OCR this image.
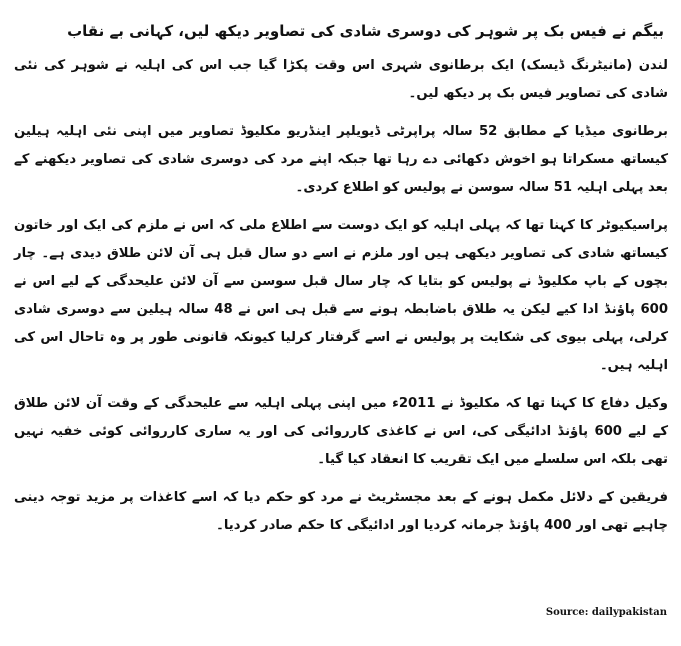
بیگم نے فیس بک پر شوہر کی دوسری شادی کی تصاویر دیکھ لیں، کہانی بے نقاب

لندن (مانیٹرنگ ڈیسک) ایک برطانوی شہری اس وقت پکڑا گیا جب اس کی اہلیہ نے شوہر کی نئی شادی کی تصاویر فیس بک پر دیکھ لیں۔

برطانوی میڈیا کے مطابق 52 سالہ پراپرٹی ڈیویلپر اینڈریو مکلیوڈ تصاویر میں اپنی نئی اہلیہ ہیلین کیساتھ مسکراتا ہو اخوش دکھائی دے رہا تھا جبکہ اپنے مرد کی دوسری شادی کی تصاویر دیکھنے کے بعد پہلی اہلیہ 51 سالہ سوسن نے پولیس کو اطلاع کردی۔

پراسیکیوٹر کا کہنا تھا کہ پہلی اہلیہ کو ایک دوست سے اطلاع ملی کہ اس نے ملزم کی ایک اور خاتون کیساتھ شادی کی تصاویر دیکھی ہیں اور ملزم نے اسے دو سال قبل ہی آن لائن طلاق دیدی ہے۔ چار بچوں کے باپ مکلیوڈ نے پولیس کو بتایا کہ چار سال قبل سوسن سے آن لائن علیحدگی کے لیے اس نے 600 پاؤنڈ ادا کیے لیکن یہ طلاق باضابطہ ہونے سے قبل ہی اس نے 48 سالہ ہیلین سے دوسری شادی کرلی، پہلی بیوی کی شکایت پر پولیس نے اسے گرفتار کرلیا کیونکہ قانونی طور پر وہ تاحال اس کی اہلیہ ہیں۔

وکیل دفاع کا کہنا تھا کہ مکلیوڈ نے 2011ء میں اپنی پہلی اہلیہ سے علیحدگی کے وقت آن لائن طلاق کے لیے 600 پاؤنڈ ادائیگی کی، اس نے کاغذی کارروائی کی اور یہ ساری کارروائی کوئی خفیہ نہیں تھی بلکہ اس سلسلے میں ایک تقریب کا انعقاد کیا گیا۔

فریقین کے دلائل مکمل ہونے کے بعد مجسٹریٹ نے مرد کو حکم دیا کہ اسے کاغذات پر مزید توجہ دینی چاہیے تھی اور 400 پاؤنڈ جرمانہ کردیا اور ادائیگی کا حکم صادر کردیا۔

Source: dailypakistan
